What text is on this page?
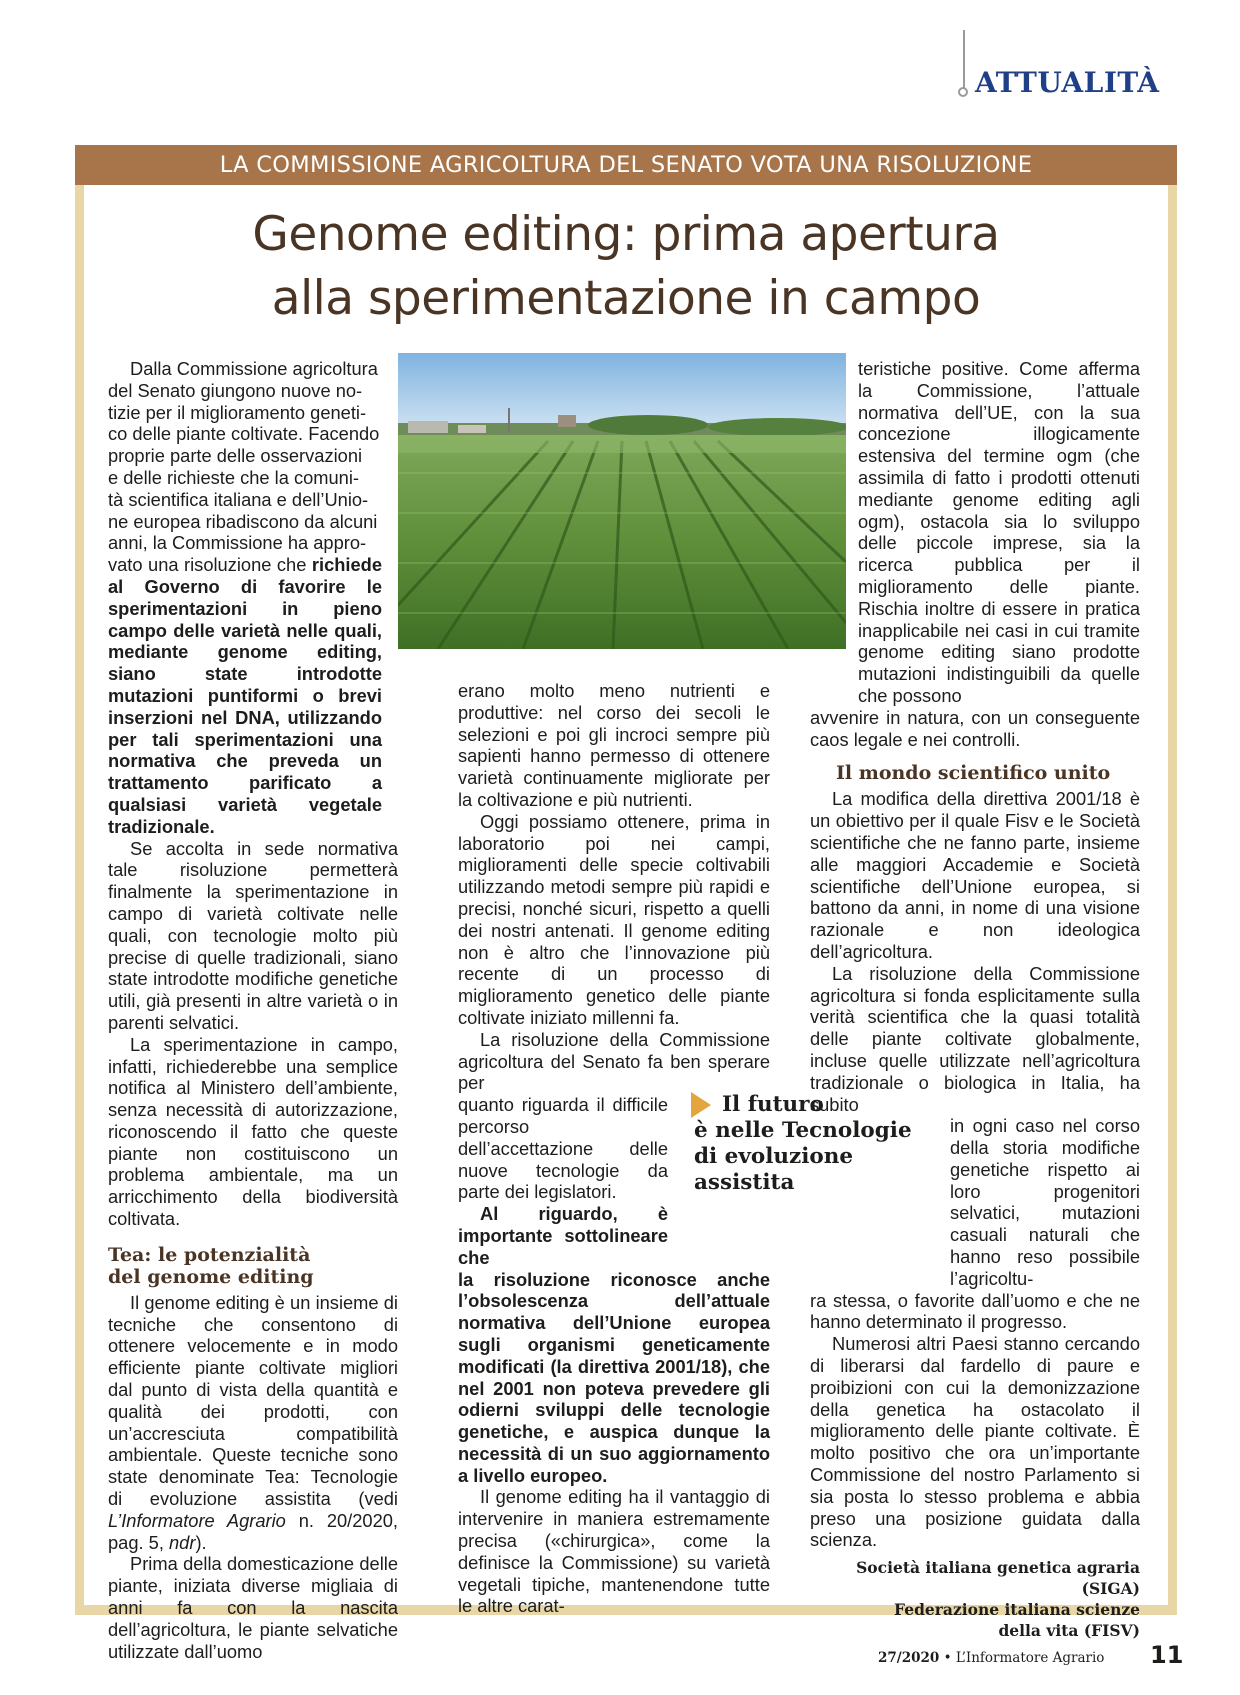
ATTUALITÀ
LA COMMISSIONE AGRICOLTURA DEL SENATO VOTA UNA RISOLUZIONE
Genome editing: prima apertura
alla sperimentazione in campo
Dalla Commissione agricoltura
del Senato giungono nuove no-
tizie per il miglioramento geneti-
co delle piante coltivate. Facendo
proprie parte delle osservazioni
e delle richieste che la comuni-
tà scientifica italiana e dell’Unio-
ne europea ribadiscono da alcuni
anni, la Commissione ha appro-

vato una risoluzione che richiede al Governo di favorire le sperimentazioni in pieno campo delle varietà nelle quali, mediante genome editing, siano state introdotte mutazioni puntiformi o brevi inserzioni nel DNA, utilizzando per tali sperimentazioni una normativa che preveda un trattamento parificato a qualsiasi varietà vegetale tradizionale.

Se accolta in sede normativa tale risoluzione permetterà finalmente la sperimentazione in campo di varietà coltivate nelle quali, con tecnologie molto più precise di quelle tradizionali, siano state introdotte modifiche genetiche utili, già presenti in altre varietà o in parenti selvatici.

La sperimentazione in campo, infatti, richiederebbe una semplice notifica al Ministero dell’ambiente, senza necessità di autorizzazione, riconoscendo il fatto che queste piante non costituiscono un problema ambientale, ma un arricchimento della biodiversità coltivata.

Tea: le potenzialità
del genome editing

Il genome editing è un insieme di tecniche che consentono di ottenere velocemente e in modo efficiente piante coltivate migliori dal punto di vista della quantità e qualità dei prodotti, con un’accresciuta compatibilità ambientale. Queste tecniche sono state denominate Tea: Tecnologie di evoluzione assistita (vedi L’Informatore Agrario n. 20/2020, pag. 5, ndr).

Prima della domesticazione delle piante, iniziata diverse migliaia di anni fa con la nascita dell’agricoltura, le piante selvatiche utilizzate dall’uomo

erano molto meno nutrienti e produttive: nel corso dei secoli le selezioni e poi gli incroci sempre più sapienti hanno permesso di ottenere varietà continuamente migliorate per la coltivazione e più nutrienti.

Oggi possiamo ottenere, prima in laboratorio poi nei campi, miglioramenti delle specie coltivabili utilizzando metodi sempre più rapidi e precisi, nonché sicuri, rispetto a quelli dei nostri antenati. Il genome editing non è altro che l’innovazione più recente di un processo di miglioramento genetico delle piante coltivate iniziato millenni fa.

La risoluzione della Commissione agricoltura del Senato fa ben sperare per

quanto riguarda il difficile percorso dell’accettazione delle nuove tecnologie da parte dei legislatori.

Al riguardo, è importante sottolineare che

la risoluzione riconosce anche l’obsolescenza dell’attuale normativa dell’Unione europea sugli organismi geneticamente modificati (la direttiva 2001/18), che nel 2001 non poteva prevedere gli odierni sviluppi delle tecnologie genetiche, e auspica dunque la necessità di un suo aggiornamento a livello europeo.

Il genome editing ha il vantaggio di intervenire in maniera estremamente precisa («chirurgica», come la definisce la Commissione) su varietà vegetali tipiche, mantenendone tutte le altre carat-

teristiche positive. Come afferma la Commissione, l’attuale normativa dell’UE, con la sua concezione illogicamente estensiva del termine ogm (che assimila di fatto i prodotti ottenuti mediante genome editing agli ogm), ostacola sia lo sviluppo delle piccole imprese, sia la ricerca pubblica per il miglioramento delle piante. Rischia inoltre di essere in pratica inapplicabile nei casi in cui tramite genome editing siano prodotte mutazioni indistinguibili da quelle che possono

avvenire in natura, con un conseguente caos legale e nei controlli.

Il mondo scientifico unito

La modifica della direttiva 2001/18 è un obiettivo per il quale Fisv e le Società scientifiche che ne fanno parte, insieme alle maggiori Accademie e Società scientifiche dell’Unione europea, si battono da anni, in nome di una visione razionale e non ideologica dell’agricoltura.

La risoluzione della Commissione agricoltura si fonda esplicitamente sulla verità scientifica che la quasi totalità delle piante coltivate globalmente, incluse quelle utilizzate nell’agricoltura tradizionale o biologica in Italia, ha subito

in ogni caso nel corso della storia modifiche genetiche rispetto ai loro progenitori selvatici, mutazioni casuali naturali che hanno reso possibile l’agricoltu-

ra stessa, o favorite dall’uomo e che ne hanno determinato il progresso.

Numerosi altri Paesi stanno cercando di liberarsi dal fardello di paure e proibizioni con cui la demonizzazione della genetica ha ostacolato il miglioramento delle piante coltivate. È molto positivo che ora un’importante Commissione del nostro Parlamento si sia posta lo stesso problema e abbia preso una posizione guidata dalla scienza.

Società italiana genetica agraria (SIGA)
Federazione italiana scienze
della vita (FISV)
Il futuro
è nelle Tecnologie
di evoluzione
assistita
27/2020 • L’Informatore Agrario 11
